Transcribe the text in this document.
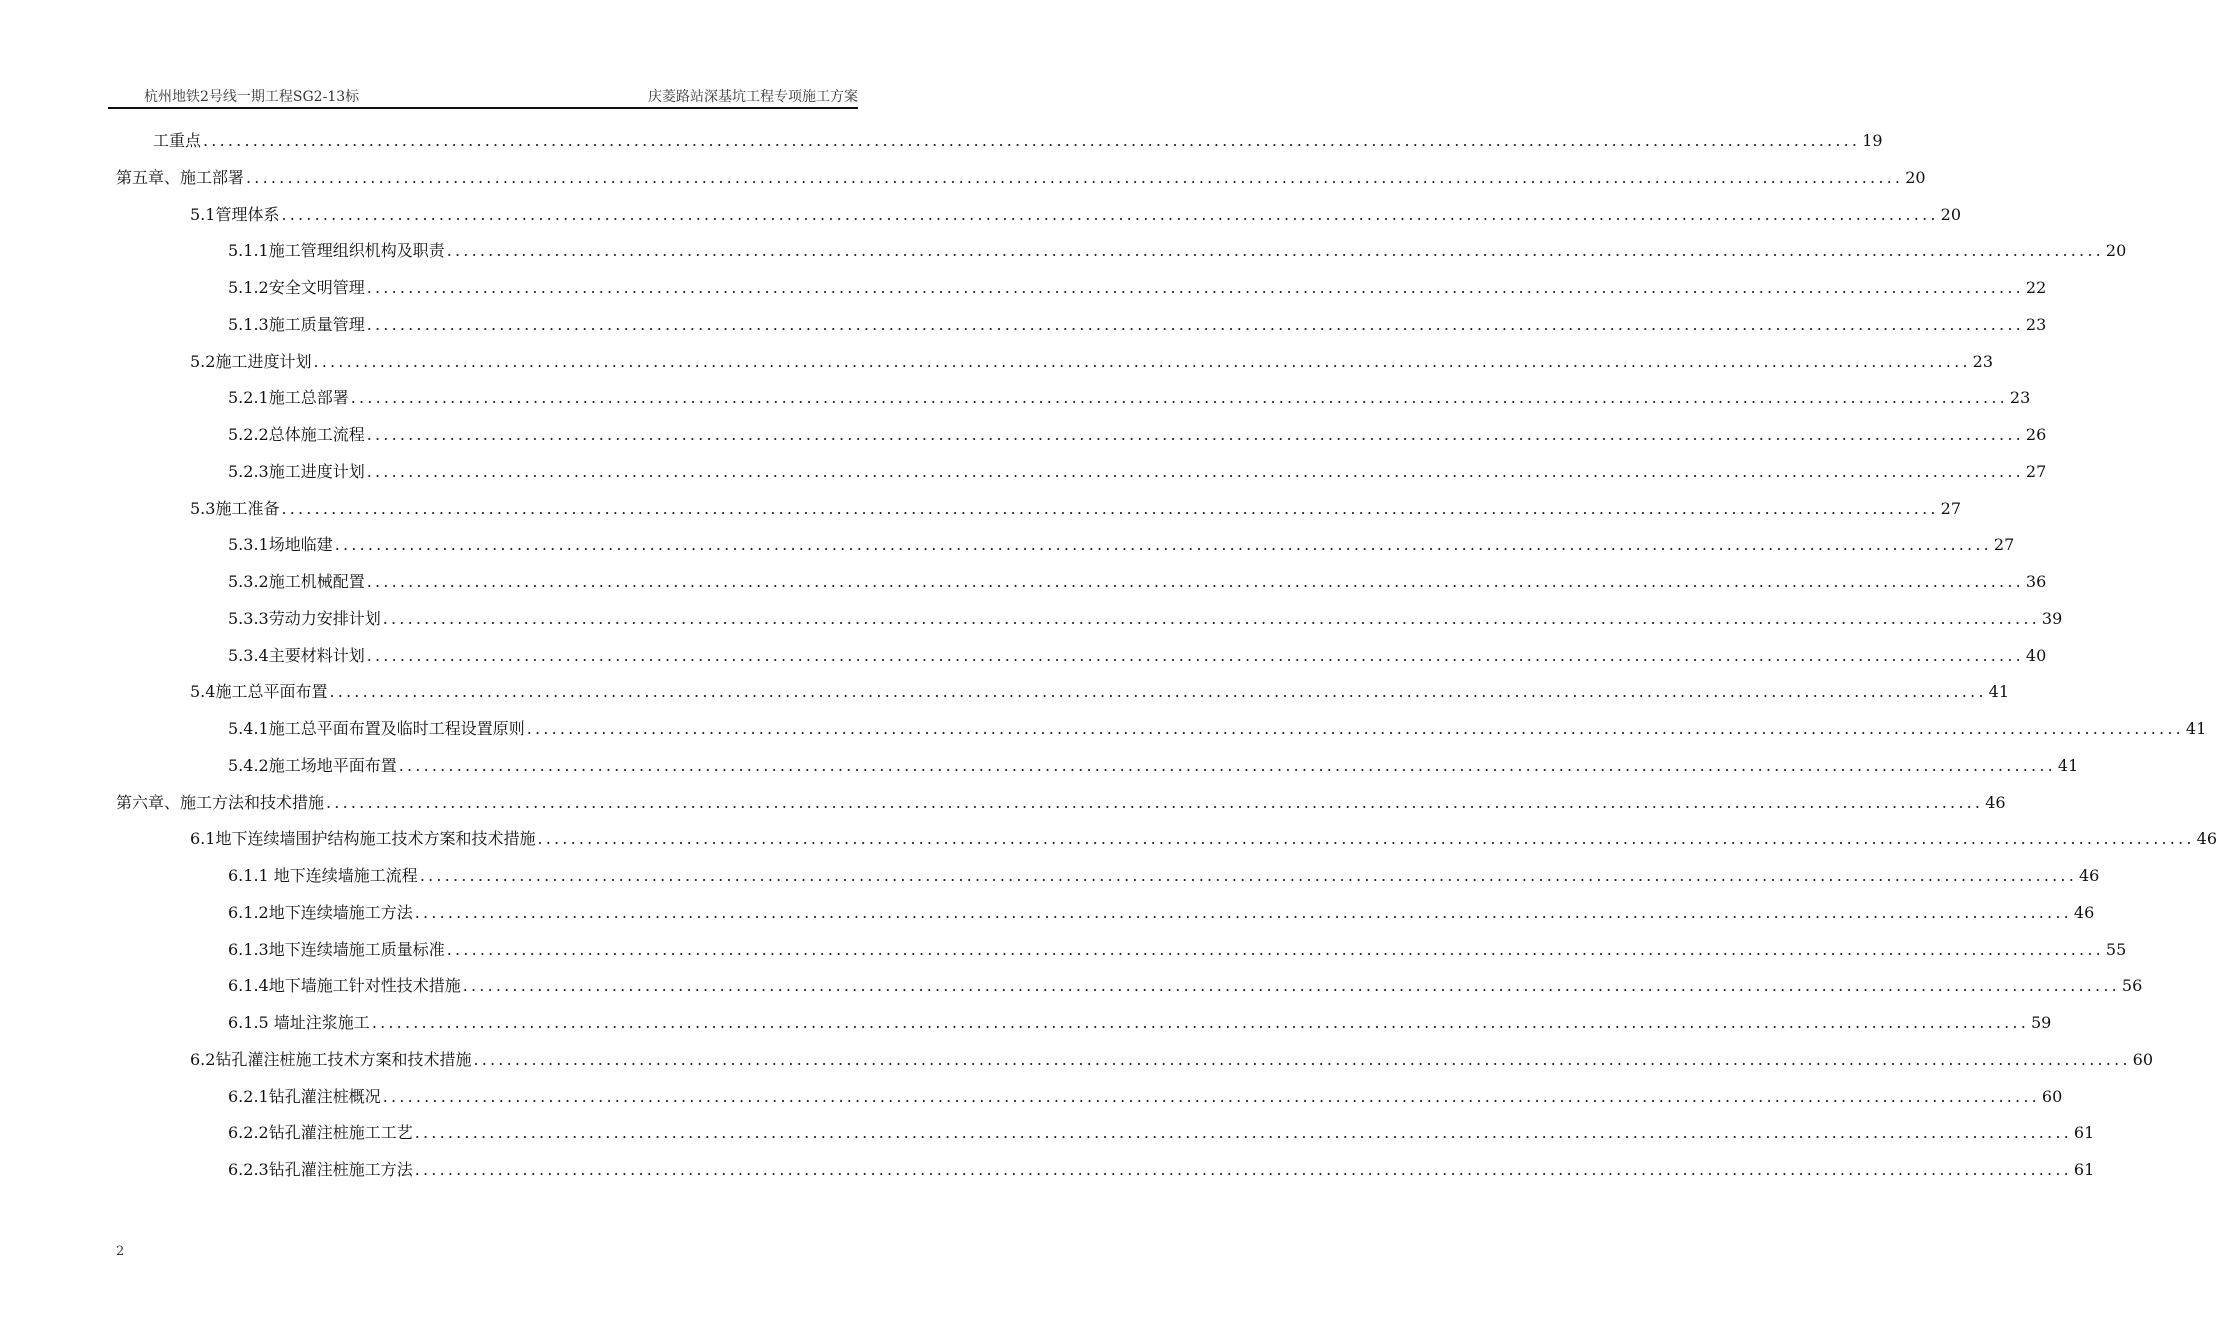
杭州地铁2号线一期工程SG2-13标	庆菱路站深基坑工程专项施工方案
工重点 ........................................................................................................................................................................................................ 19
第五章、施工部署 ........................................................................................................................................................................................................ 20
5.1管理体系 ........................................................................................................................................................................................................ 20
5.1.1施工管理组织机构及职责 ........................................................................................................................................................................................................ 20
5.1.2安全文明管理 ........................................................................................................................................................................................................ 22
5.1.3施工质量管理 ........................................................................................................................................................................................................ 23
5.2施工进度计划 ........................................................................................................................................................................................................ 23
5.2.1施工总部署 ........................................................................................................................................................................................................ 23
5.2.2总体施工流程 ........................................................................................................................................................................................................ 26
5.2.3施工进度计划 ........................................................................................................................................................................................................ 27
5.3施工准备 ........................................................................................................................................................................................................ 27
5.3.1场地临建 ........................................................................................................................................................................................................ 27
5.3.2施工机械配置 ........................................................................................................................................................................................................ 36
5.3.3劳动力安排计划 ........................................................................................................................................................................................................ 39
5.3.4主要材料计划 ........................................................................................................................................................................................................ 40
5.4施工总平面布置 ........................................................................................................................................................................................................ 41
5.4.1施工总平面布置及临时工程设置原则 ........................................................................................................................................................................................................ 41
5.4.2施工场地平面布置 ........................................................................................................................................................................................................ 41
第六章、施工方法和技术措施 ........................................................................................................................................................................................................ 46
6.1地下连续墙围护结构施工技术方案和技术措施 ........................................................................................................................................................................................................ 46
6.1.1 地下连续墙施工流程 ........................................................................................................................................................................................................ 46
6.1.2地下连续墙施工方法 ........................................................................................................................................................................................................ 46
6.1.3地下连续墙施工质量标准 ........................................................................................................................................................................................................ 55
6.1.4地下墙施工针对性技术措施 ........................................................................................................................................................................................................ 56
6.1.5 墙址注浆施工 ........................................................................................................................................................................................................ 59
6.2钻孔灌注桩施工技术方案和技术措施 ........................................................................................................................................................................................................ 60
6.2.1钻孔灌注桩概况 ........................................................................................................................................................................................................ 60
6.2.2钻孔灌注桩施工工艺 ........................................................................................................................................................................................................ 61
6.2.3钻孔灌注桩施工方法 ........................................................................................................................................................................................................ 61
2
